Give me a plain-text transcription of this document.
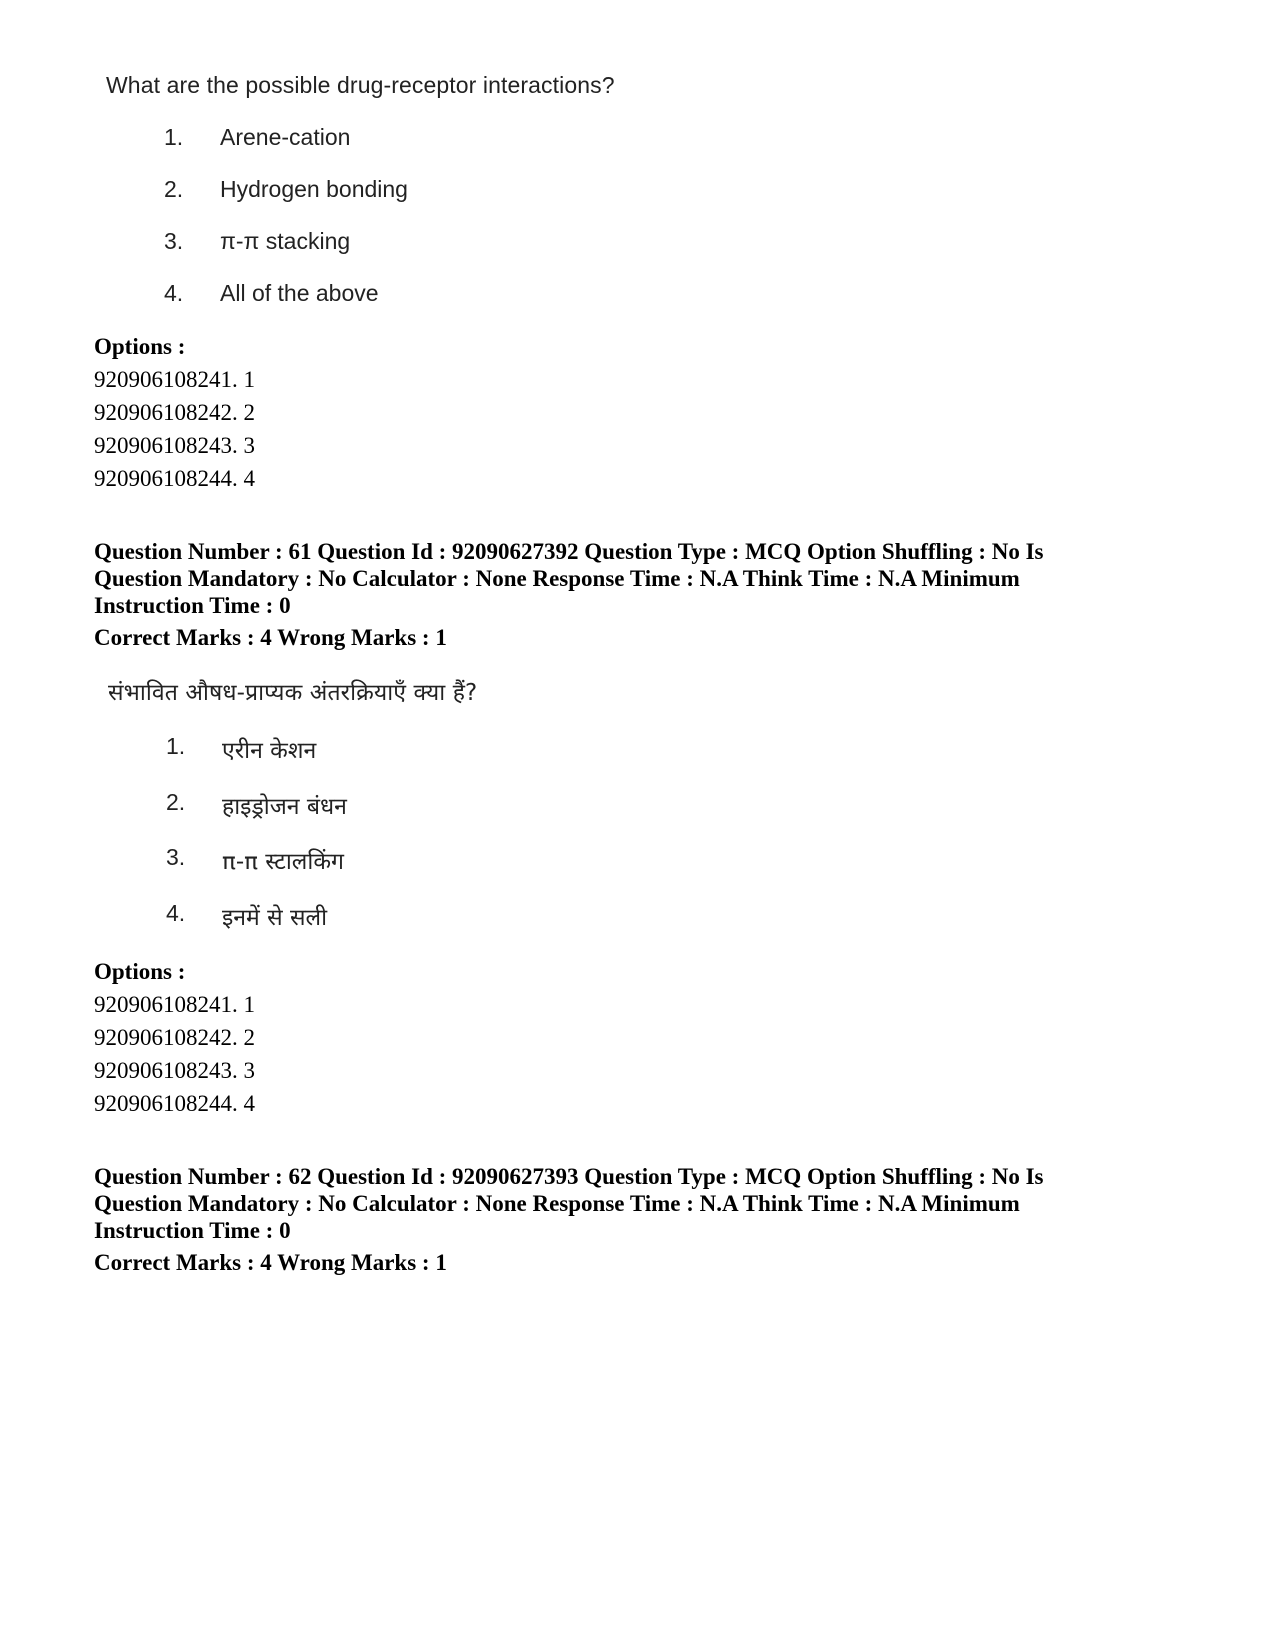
What are the possible drug-receptor interactions?
1.	Arene-cation
2.	Hydrogen bonding
3.	π-π stacking
4.	All of the above
Options :
920906108241. 1
920906108242. 2
920906108243. 3
920906108244. 4
Question Number : 61 Question Id : 92090627392 Question Type : MCQ Option Shuffling : No Is
Question Mandatory : No Calculator : None Response Time : N.A Think Time : N.A Minimum
Instruction Time : 0
Correct Marks : 4 Wrong Marks : 1
संभावित औषध-प्राप्यक अंतरक्रियाएँ क्या हैं?
1.	एरीन केशन
2.	हाइड्रोजन बंधन
3.	π-π स्टालकिंग
4.	इनमें से सली
Options :
920906108241. 1
920906108242. 2
920906108243. 3
920906108244. 4
Question Number : 62 Question Id : 92090627393 Question Type : MCQ Option Shuffling : No Is
Question Mandatory : No Calculator : None Response Time : N.A Think Time : N.A Minimum
Instruction Time : 0
Correct Marks : 4 Wrong Marks : 1
